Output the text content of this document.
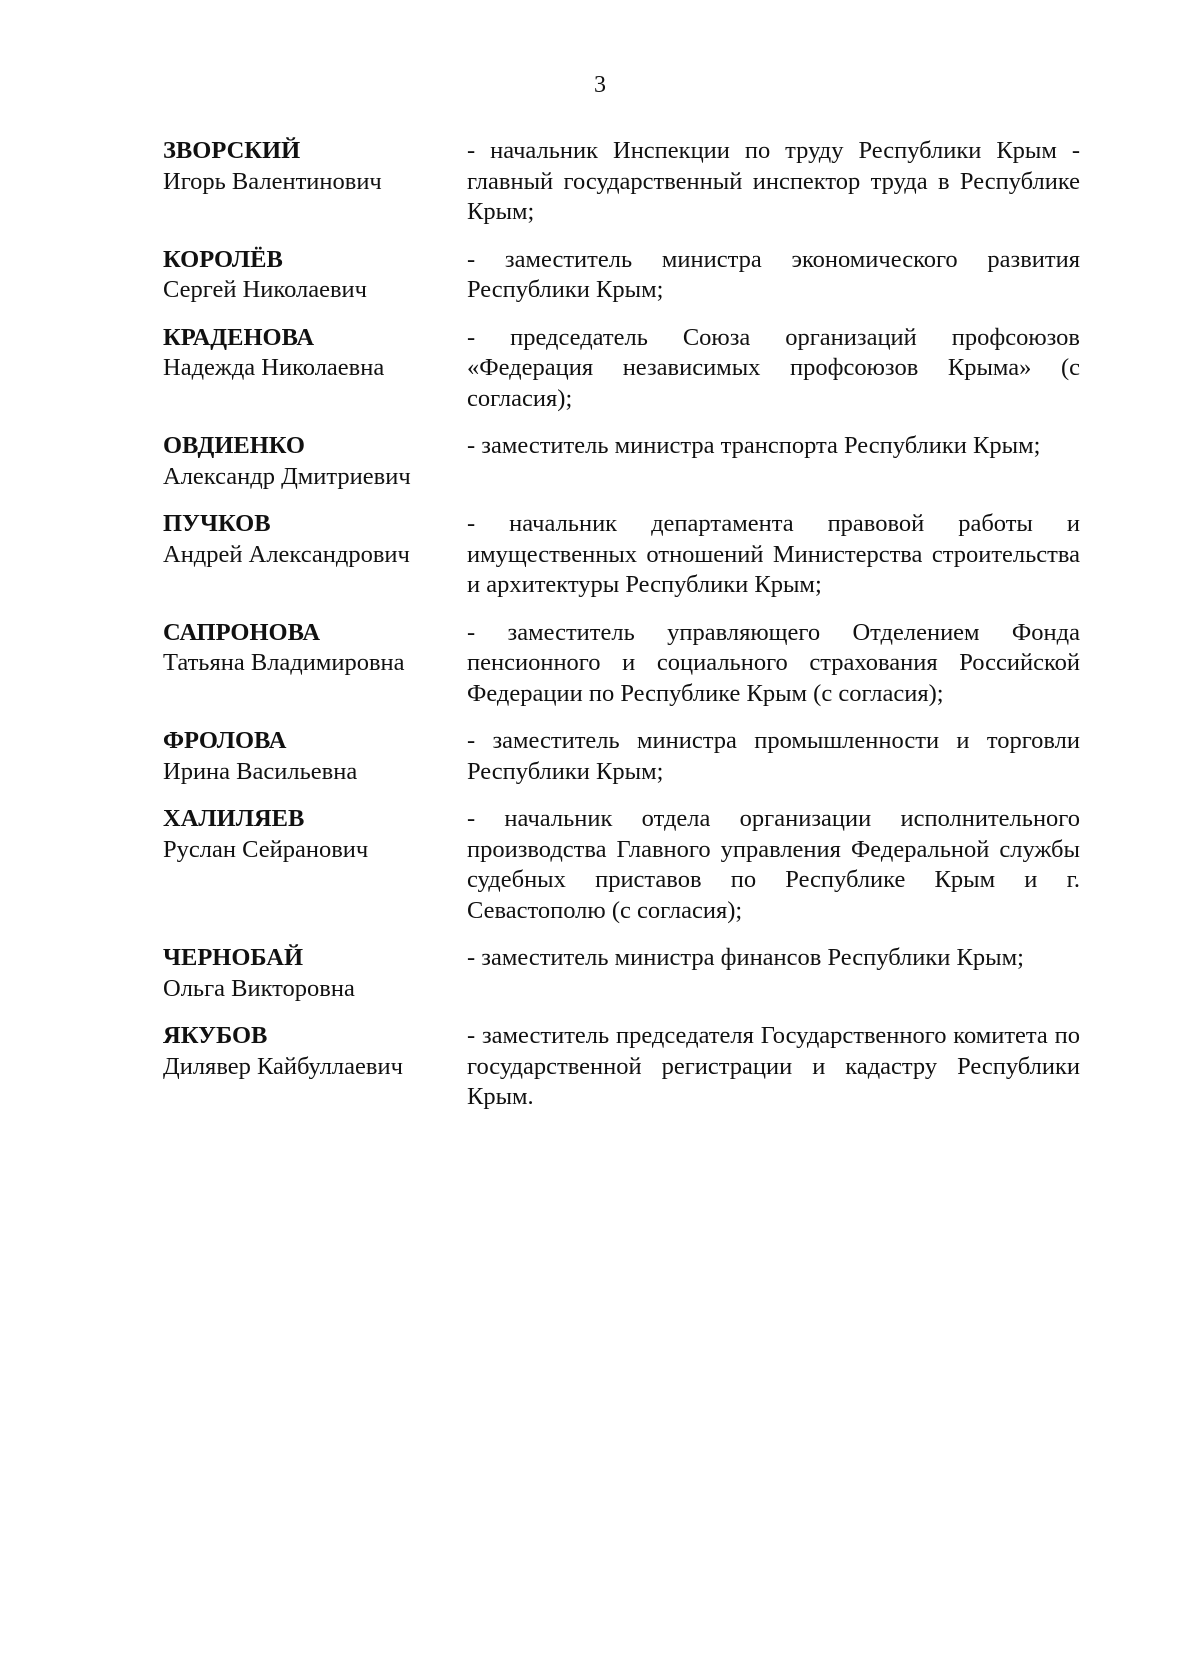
3
ЗВОРСКИЙ
Игорь Валентинович
- начальник Инспекции по труду Республики Крым - главный государственный инспектор труда в Республике Крым;
КОРОЛЁВ
Сергей Николаевич
- заместитель министра экономического развития Республики Крым;
КРАДЕНОВА
Надежда Николаевна
- председатель Союза организаций профсоюзов «Федерация независимых профсоюзов Крыма» (с согласия);
ОВДИЕНКО
Александр Дмитриевич
- заместитель министра транспорта Республики Крым;
ПУЧКОВ
Андрей Александрович
- начальник департамента правовой работы и имущественных отношений Министерства строительства и архитектуры Республики Крым;
САПРОНОВА
Татьяна Владимировна
- заместитель управляющего Отделением Фонда пенсионного и социального страхования Российской Федерации по Республике Крым (с согласия);
ФРОЛОВА
Ирина Васильевна
- заместитель министра промышленности и торговли Республики Крым;
ХАЛИЛЯЕВ
Руслан Сейранович
- начальник отдела организации исполнительного производства Главного управления Федеральной службы судебных приставов по Республике Крым и г. Севастополю (с согласия);
ЧЕРНОБАЙ
Ольга Викторовна
- заместитель министра финансов Республики Крым;
ЯКУБОВ
Дилявер Кайбуллаевич
- заместитель председателя Государственного комитета по государственной регистрации и кадастру Республики Крым.
